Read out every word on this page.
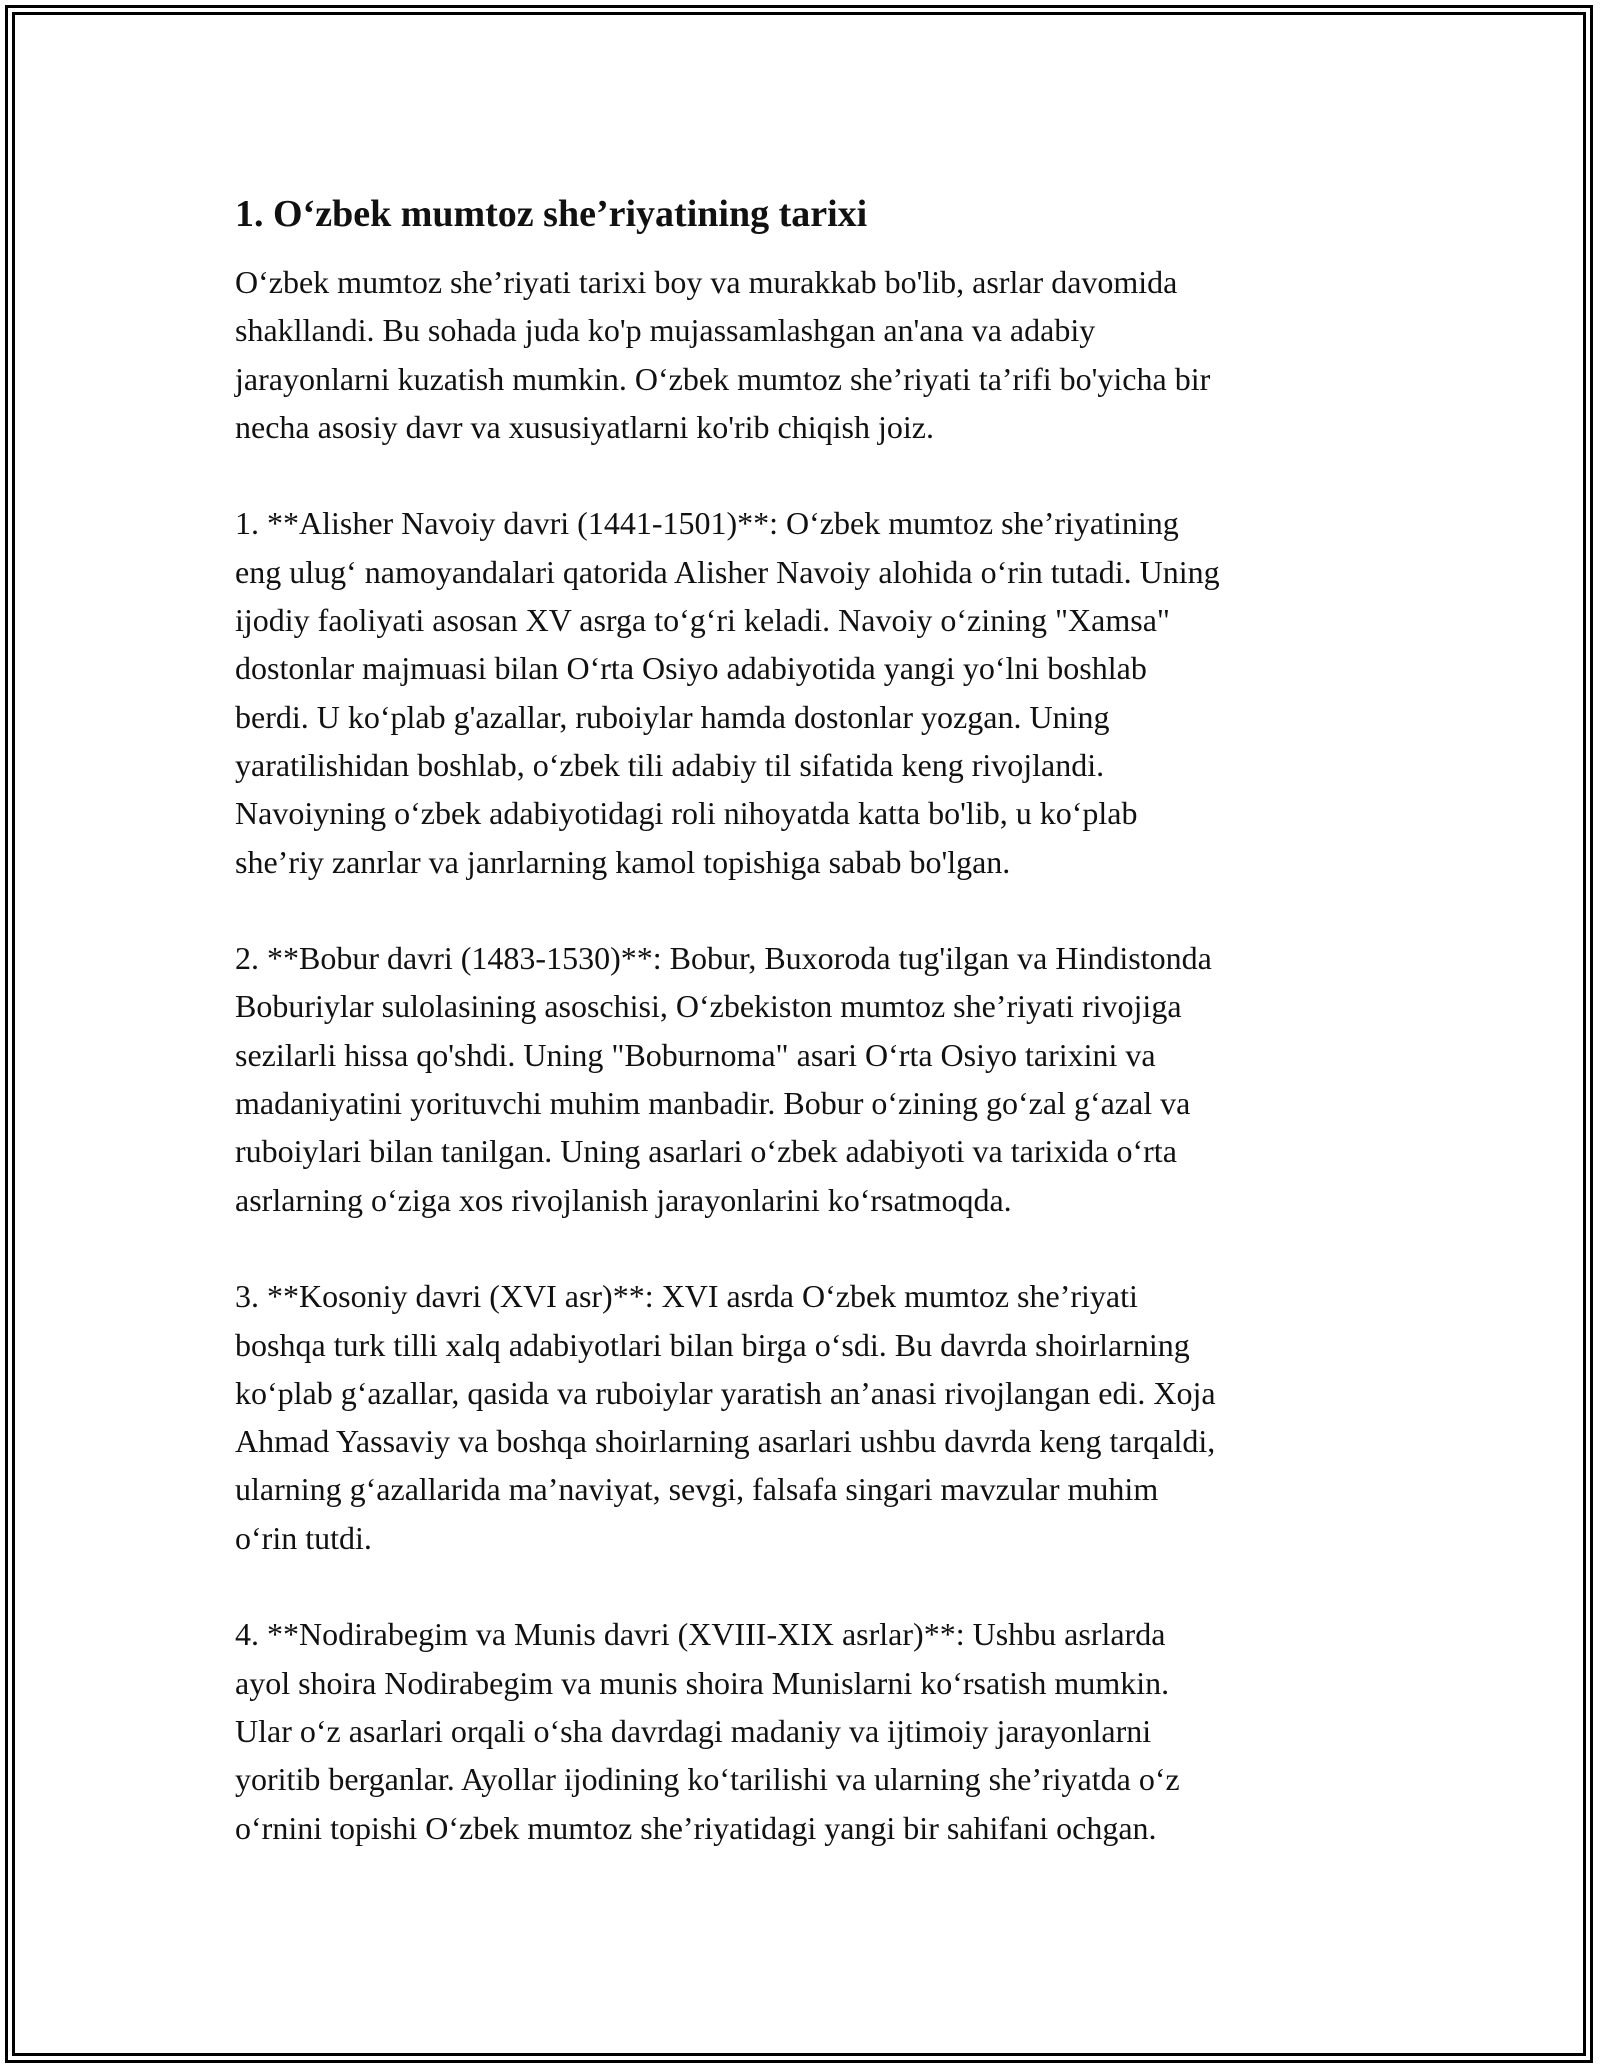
1. O‘zbek mumtoz she’riyatining tarixi

O‘zbek mumtoz she’riyati tarixi boy va murakkab bo'lib, asrlar davomida
shakllandi. Bu sohada juda ko'p mujassamlashgan an'ana va adabiy
jarayonlarni kuzatish mumkin. O‘zbek mumtoz she’riyati ta’rifi bo'yicha bir
necha asosiy davr va xususiyatlarni ko'rib chiqish joiz.

1. **Alisher Navoiy davri (1441-1501)**: O‘zbek mumtoz she’riyatining
eng ulug‘ namoyandalari qatorida Alisher Navoiy alohida o‘rin tutadi. Uning
ijodiy faoliyati asosan XV asrga to‘g‘ri keladi. Navoiy o‘zining "Xamsa"
dostonlar majmuasi bilan O‘rta Osiyo adabiyotida yangi yo‘lni boshlab
berdi. U ko‘plab g'azallar, ruboiylar hamda dostonlar yozgan. Uning
yaratilishidan boshlab, o‘zbek tili adabiy til sifatida keng rivojlandi.
Navoiyning o‘zbek adabiyotidagi roli nihoyatda katta bo'lib, u ko‘plab
she’riy zanrlar va janrlarning kamol topishiga sabab bo'lgan.

2. **Bobur davri (1483-1530)**: Bobur, Buxoroda tug'ilgan va Hindistonda
Boburiylar sulolasining asoschisi, O‘zbekiston mumtoz she’riyati rivojiga
sezilarli hissa qo'shdi. Uning "Boburnoma" asari O‘rta Osiyo tarixini va
madaniyatini yorituvchi muhim manbadir. Bobur o‘zining go‘zal g‘azal va
ruboiylari bilan tanilgan. Uning asarlari o‘zbek adabiyoti va tarixida o‘rta
asrlarning o‘ziga xos rivojlanish jarayonlarini ko‘rsatmoqda.

3. **Kosoniy davri (XVI asr)**: XVI asrda O‘zbek mumtoz she’riyati
boshqa turk tilli xalq adabiyotlari bilan birga o‘sdi. Bu davrda shoirlarning
ko‘plab g‘azallar, qasida va ruboiylar yaratish an’anasi rivojlangan edi. Xoja
Ahmad Yassaviy va boshqa shoirlarning asarlari ushbu davrda keng tarqaldi,
ularning g‘azallarida ma’naviyat, sevgi, falsafa singari mavzular muhim
o‘rin tutdi.

4. **Nodirabegim va Munis davri (XVIII-XIX asrlar)**: Ushbu asrlarda
ayol shoira Nodirabegim va munis shoira Munislarni ko‘rsatish mumkin.
Ular o‘z asarlari orqali o‘sha davrdagi madaniy va ijtimoiy jarayonlarni
yoritib berganlar. Ayollar ijodining ko‘tarilishi va ularning she’riyatda o‘z
o‘rnini topishi O‘zbek mumtoz she’riyatidagi yangi bir sahifani ochgan.
